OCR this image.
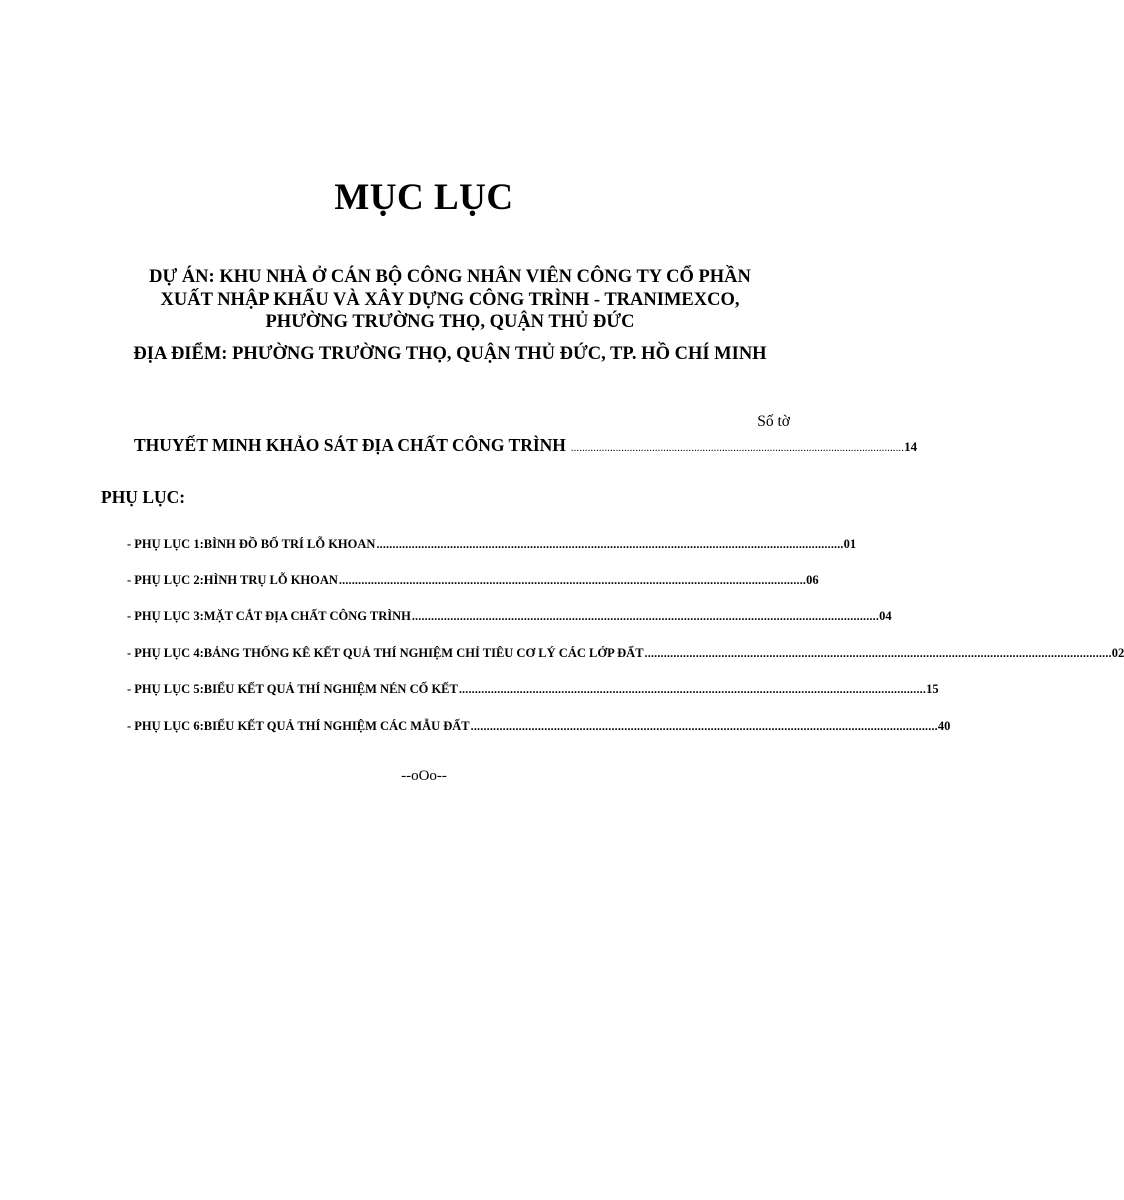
MỤC LỤC
DỰ ÁN: KHU NHÀ Ở CÁN BỘ CÔNG NHÂN VIÊN CÔNG TY CỔ PHẦN
XUẤT NHẬP KHẨU VÀ XÂY DỰNG CÔNG TRÌNH - TRANIMEXCO,
PHƯỜNG TRƯỜNG THỌ, QUẬN THỦ ĐỨC
ĐỊA ĐIỂM: PHƯỜNG TRƯỜNG THỌ, QUẬN THỦ ĐỨC, TP. HỒ CHÍ MINH
Số tờ
THUYẾT MINH KHẢO SÁT ĐỊA CHẤT CÔNG TRÌNH ....................................................................................................................... 14
PHỤ LỤC:
- PHỤ LỤC 1 : BÌNH ĐỒ BỐ TRÍ LỖ KHOAN .................................................................................................................................................. 01
- PHỤ LỤC 2 : HÌNH TRỤ LỖ KHOAN .................................................................................................................................................. 06
- PHỤ LỤC 3 : MẶT CẮT ĐỊA CHẤT CÔNG TRÌNH .................................................................................................................................................. 04
- PHỤ LỤC 4 : BẢNG THỐNG KÊ KẾT QUẢ THÍ NGHIỆM CHỈ TIÊU CƠ LÝ CÁC LỚP ĐẤT .................................................................................................................................................. 02
- PHỤ LỤC 5 : BIỂU KẾT QUẢ THÍ NGHIỆM NÉN CỐ KẾT .................................................................................................................................................. 15
- PHỤ LỤC 6 : BIỂU KẾT QUẢ THÍ NGHIỆM CÁC MẪU ĐẤT .................................................................................................................................................. 40
--oOo--
